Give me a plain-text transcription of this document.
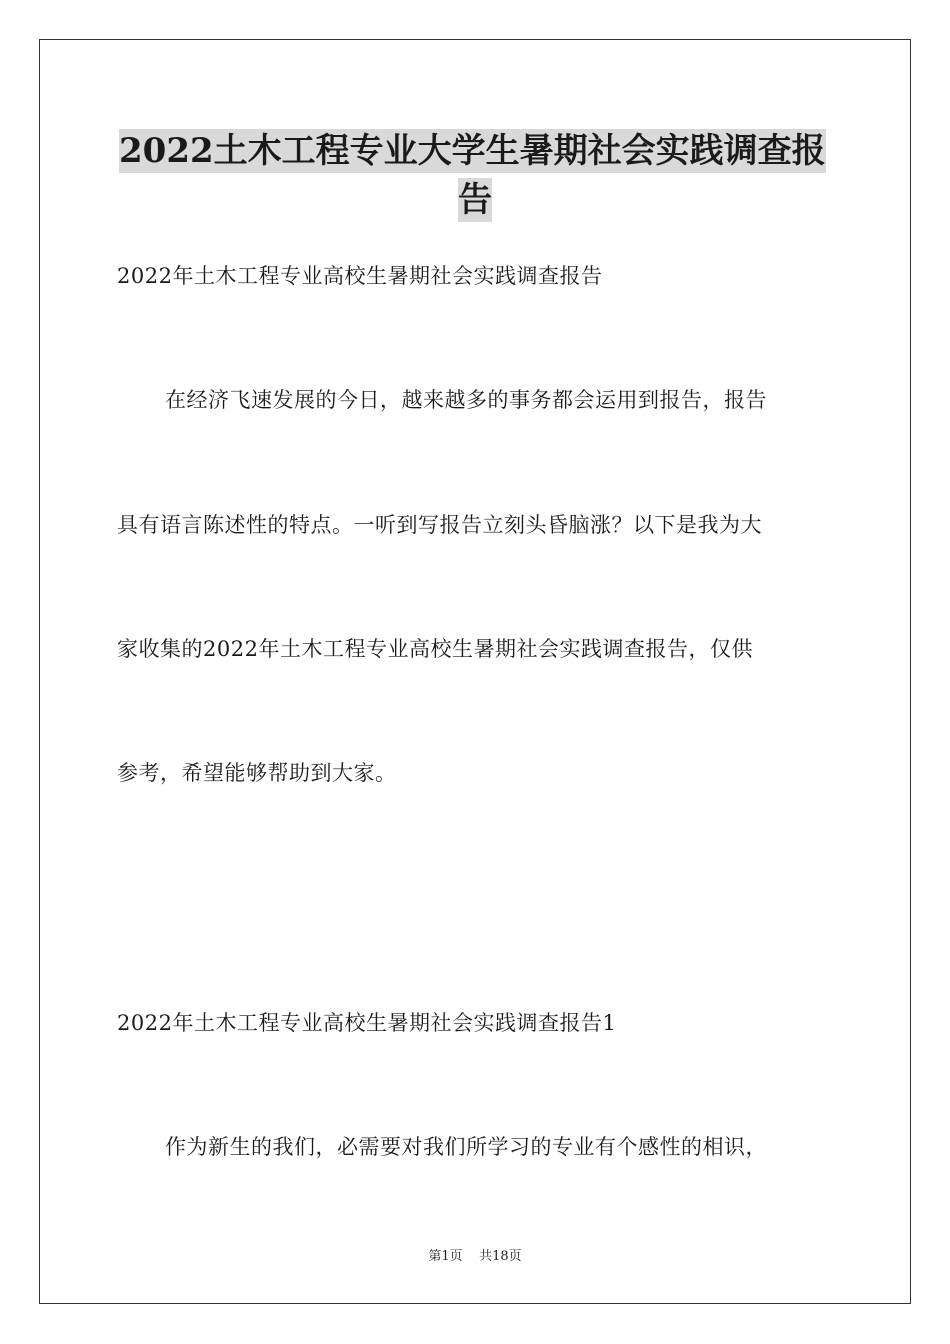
2022土木工程专业大学生暑期社会实践调查报
告
2022年土木工程专业高校生暑期社会实践调查报告
在经济飞速发展的今日，越来越多的事务都会运用到报告，报告
具有语言陈述性的特点。一听到写报告立刻头昏脑涨？以下是我为大
家收集的2022年土木工程专业高校生暑期社会实践调查报告，仅供
参考，希望能够帮助到大家。
2022年土木工程专业高校生暑期社会实践调查报告1
作为新生的我们，必需要对我们所学习的专业有个感性的相识，
第1页 共18页
